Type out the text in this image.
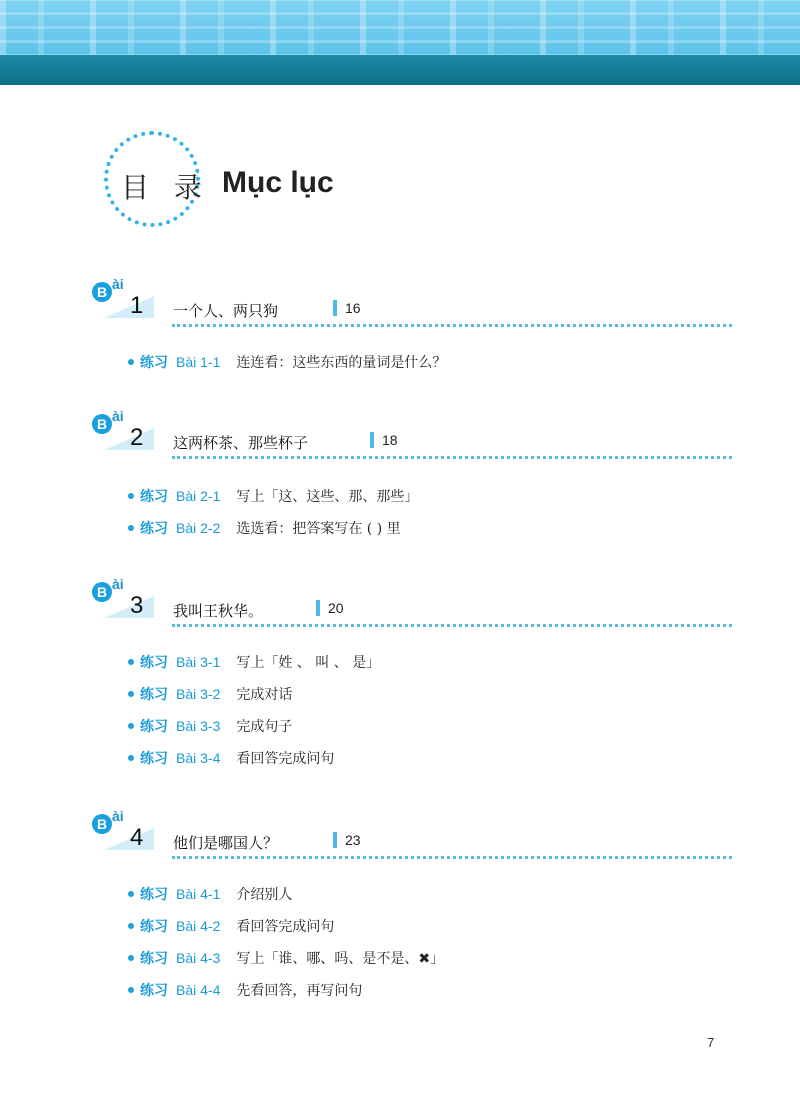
目 录 Mục lục
B ài
1 一个人、两只狗	16
练习 Bài 1-1 连连看：这些东西的量词是什么？
B ài
2 这两杯茶、那些杯子	18
练习 Bài 2-1 写上「这、这些、那、那些」
练习 Bài 2-2 选选看：把答案写在 ( ) 里
B ài
3 我叫王秋华。	20
练习 Bài 3-1 写上「姓 、 叫 、 是」
练习 Bài 3-2 完成对话
练习 Bài 3-3 完成句子
练习 Bài 3-4 看回答完成问句
B ài
4 他们是哪国人？	23
练习 Bài 4-1 介绍别人
练习 Bài 4-2 看回答完成问句
练习 Bài 4-3 写上「谁、哪、吗、是不是、✖」
练习 Bài 4-4 先看回答，再写问句
7
